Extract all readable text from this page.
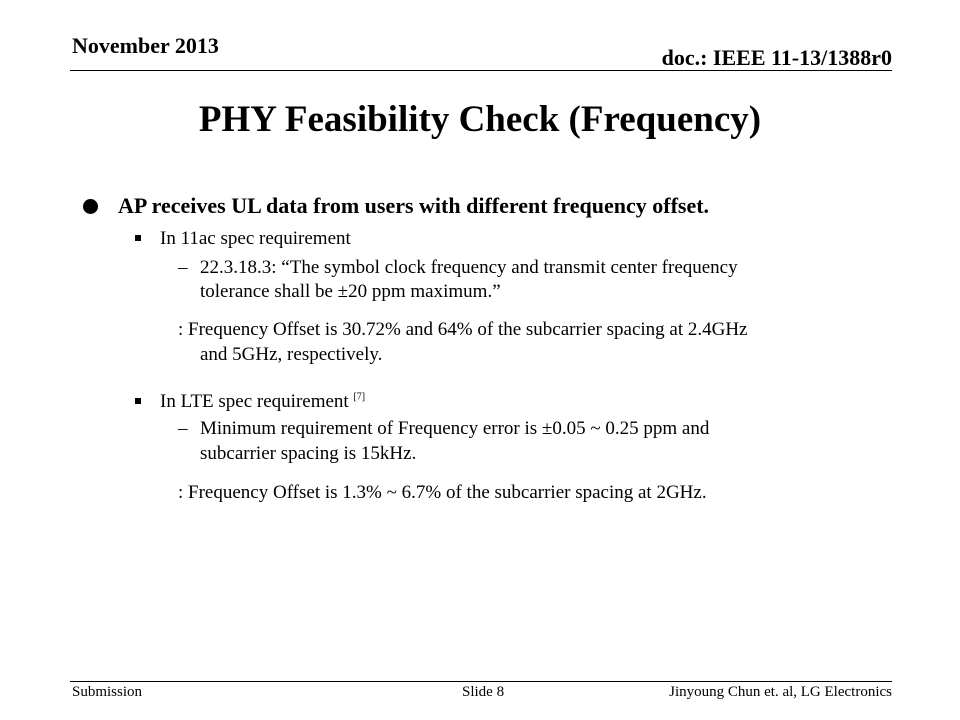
November 2013	doc.: IEEE 11-13/1388r0
PHY Feasibility Check (Frequency)
AP receives UL data from users with different frequency offset.
In 11ac spec requirement
– 22.3.18.3: “The symbol clock frequency and transmit center frequency
tolerance shall be ±20 ppm maximum.”
: Frequency Offset is 30.72% and 64% of the subcarrier spacing at 2.4GHz
and 5GHz, respectively.
In LTE spec requirement [7]
– Minimum requirement of Frequency error is ±0.05 ~ 0.25 ppm and
subcarrier spacing is 15kHz.
: Frequency Offset is 1.3% ~ 6.7% of the subcarrier spacing at 2GHz.
Submission	Slide 8	Jinyoung Chun et. al, LG Electronics
